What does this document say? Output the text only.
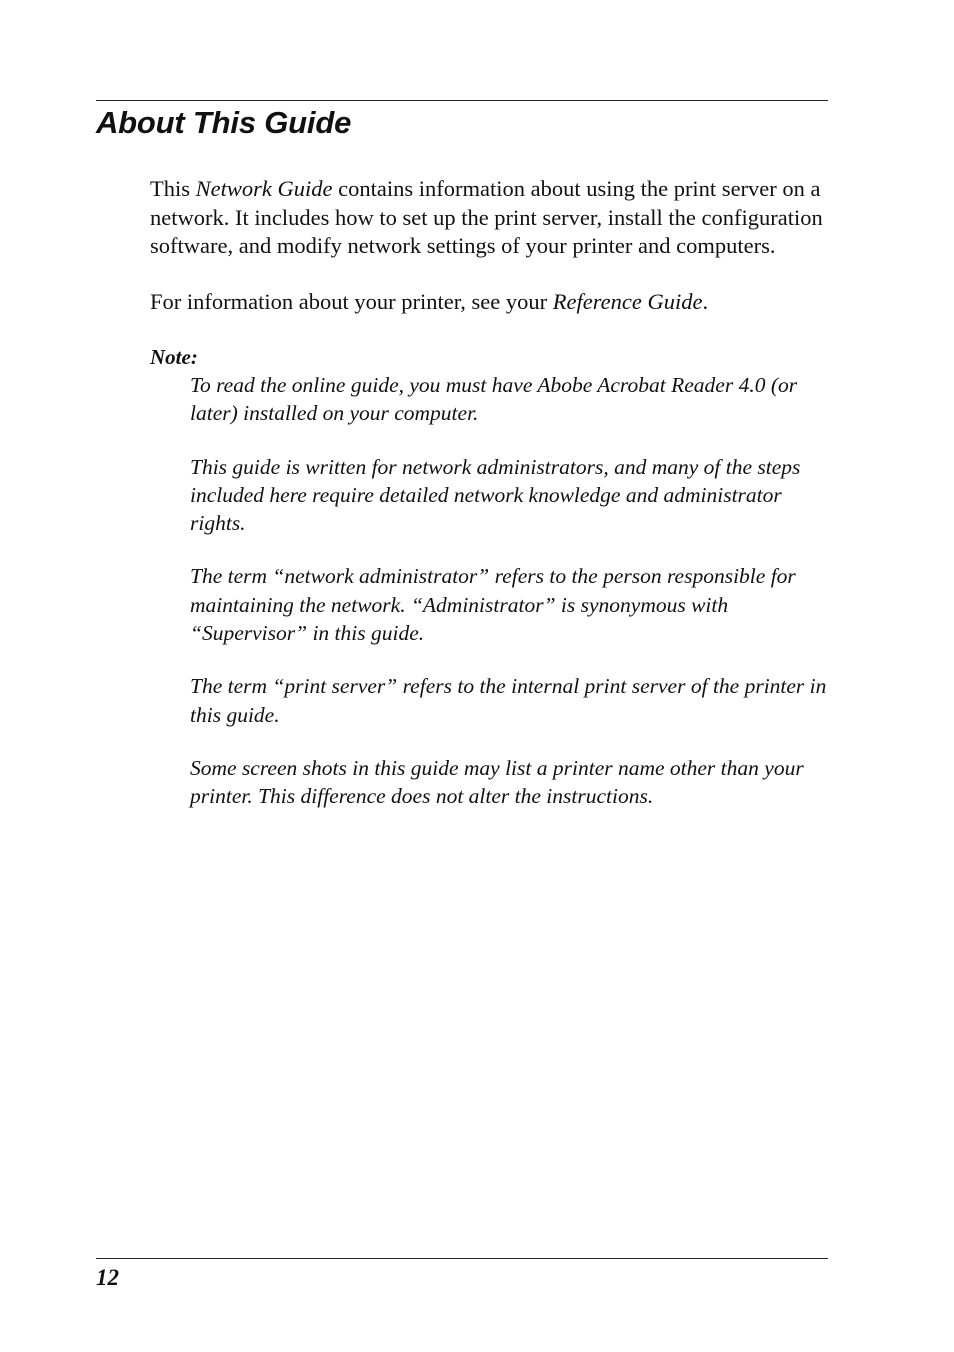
About This Guide

This Network Guide contains information about using the print server on a network. It includes how to set up the print server, install the configuration software, and modify network settings of your printer and computers.

For information about your printer, see your Reference Guide.

Note:

To read the online guide, you must have Abobe Acrobat Reader 4.0 (or later) installed on your computer.

This guide is written for network administrators, and many of the steps included here require detailed network knowledge and administrator rights.

The term “network administrator” refers to the person responsible for maintaining the network. “Administrator” is synonymous with “Supervisor” in this guide.

The term “print server” refers to the internal print server of the printer in this guide.

Some screen shots in this guide may list a printer name other than your printer. This difference does not alter the instructions.

12
